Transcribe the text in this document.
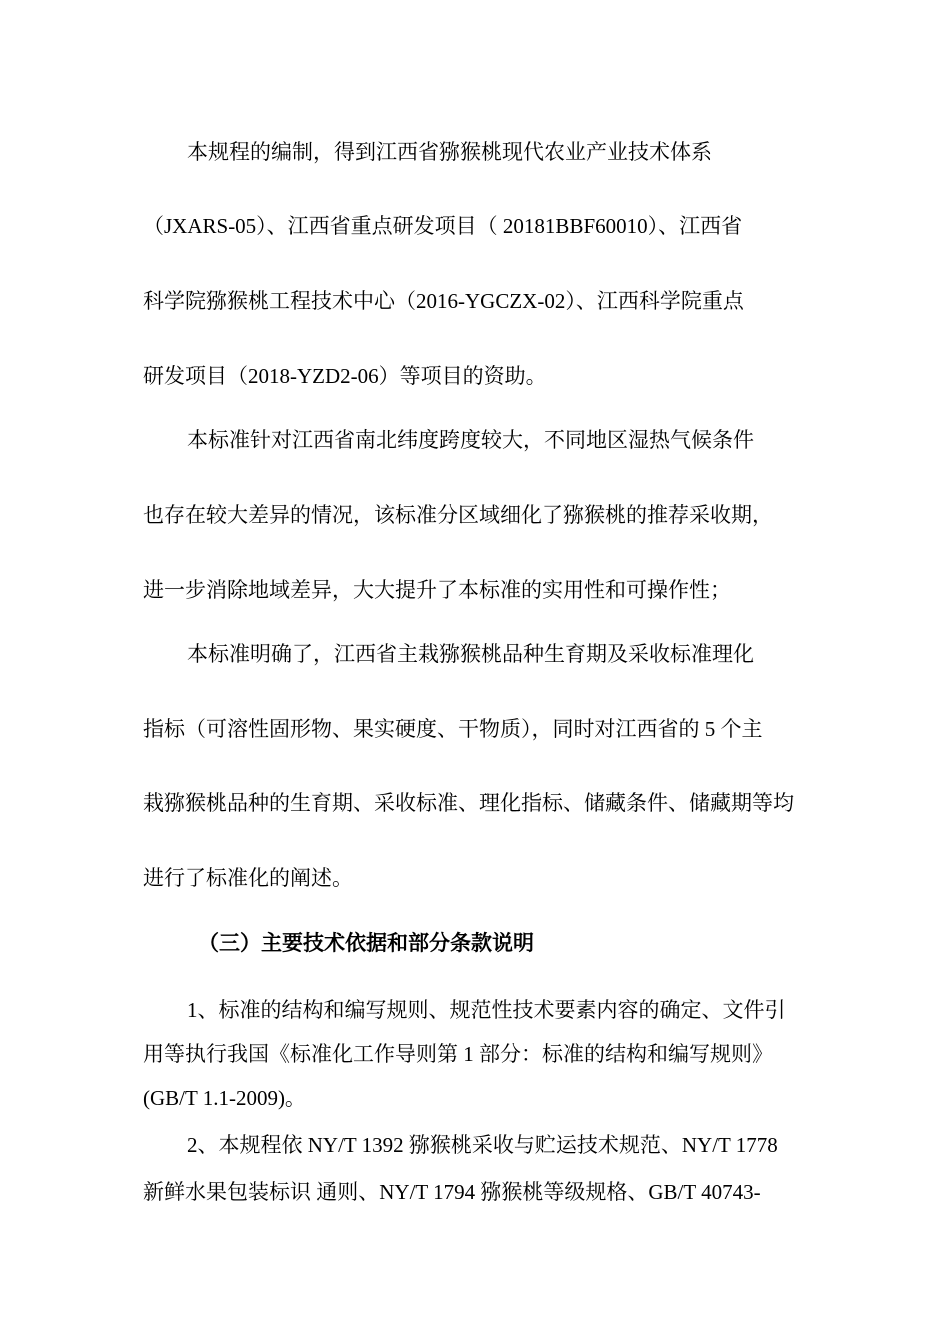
本规程的编制，得到江西省猕猴桃现代农业产业技术体系
（JXARS-05）、江西省重点研发项目（ 20181BBF60010）、江西省
科学院猕猴桃工程技术中心（2016-YGCZX-02）、江西科学院重点
研发项目（2018-YZD2-06）等项目的资助。
本标准针对江西省南北纬度跨度较大，不同地区湿热气候条件
也存在较大差异的情况，该标准分区域细化了猕猴桃的推荐采收期，
进一步消除地域差异，大大提升了本标准的实用性和可操作性；
本标准明确了，江西省主栽猕猴桃品种生育期及采收标准理化
指标（可溶性固形物、果实硬度、干物质），同时对江西省的 5 个主
栽猕猴桃品种的生育期、采收标准、理化指标、储藏条件、储藏期等均
进行了标准化的阐述。
（三）主要技术依据和部分条款说明
1、标准的结构和编写规则、规范性技术要素内容的确定、文件引
用等执行我国《标准化工作导则第 1 部分：标准的结构和编写规则》
(GB/T 1.1-2009)。
2、本规程依 NY/T 1392 猕猴桃采收与贮运技术规范、NY/T 1778
新鲜水果包装标识 通则、NY/T 1794 猕猴桃等级规格、GB/T 40743-
